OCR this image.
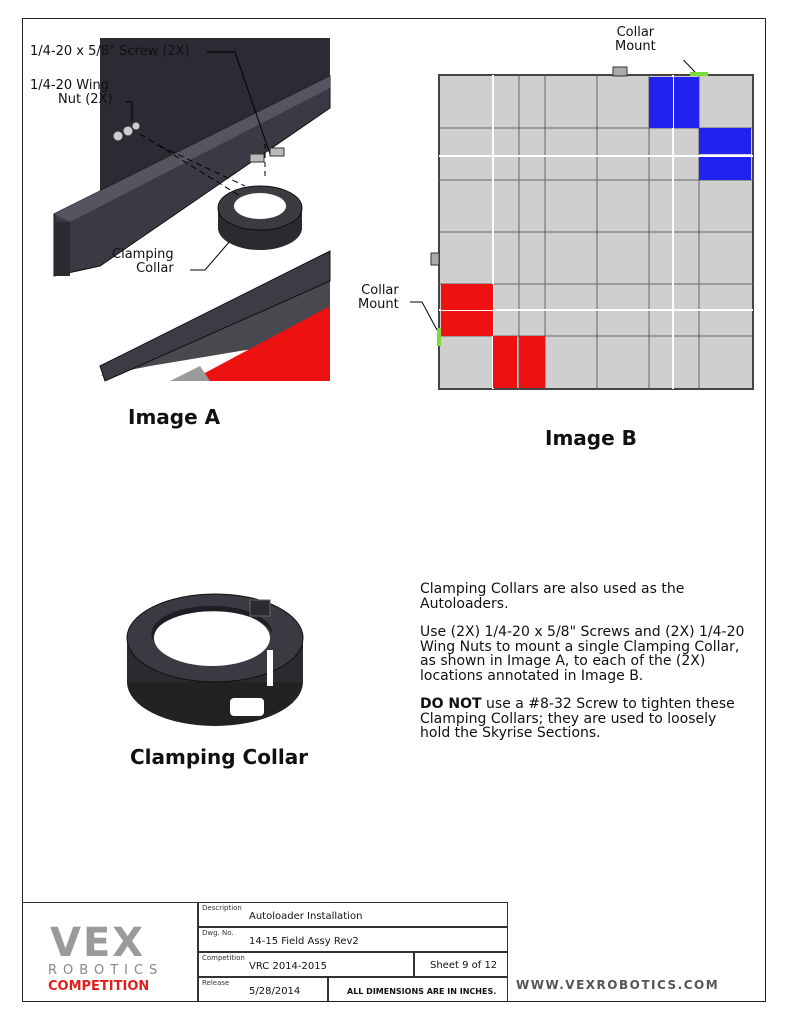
1/4-20 x 5/8" Screw (2X)
1/4-20 Wing
Nut (2X)
Clamping
Collar
Image A
Collar
Mount
Collar
Mount
Image B
Clamping Collar

Clamping Collars are also used as the Autoloaders.

Use (2X) 1/4-20 x 5/8" Screws and (2X) 1/4-20 Wing Nuts to mount a single Clamping Collar, as shown in Image A, to each of the (2X) locations annotated in Image B.

DO NOT use a #8-32 Screw to tighten these Clamping Collars; they are used to loosely hold the Skyrise Sections.

VEX
ROBOTICS
COMPETITION
Description
Autoloader Installation
Dwg. No.
14-15 Field Assy Rev2
Competition
VRC 2014-2015	Sheet 9 of 12
Release
5/28/2014	ALL DIMENSIONS ARE IN INCHES. WWW.VEXROBOTICS.COM
